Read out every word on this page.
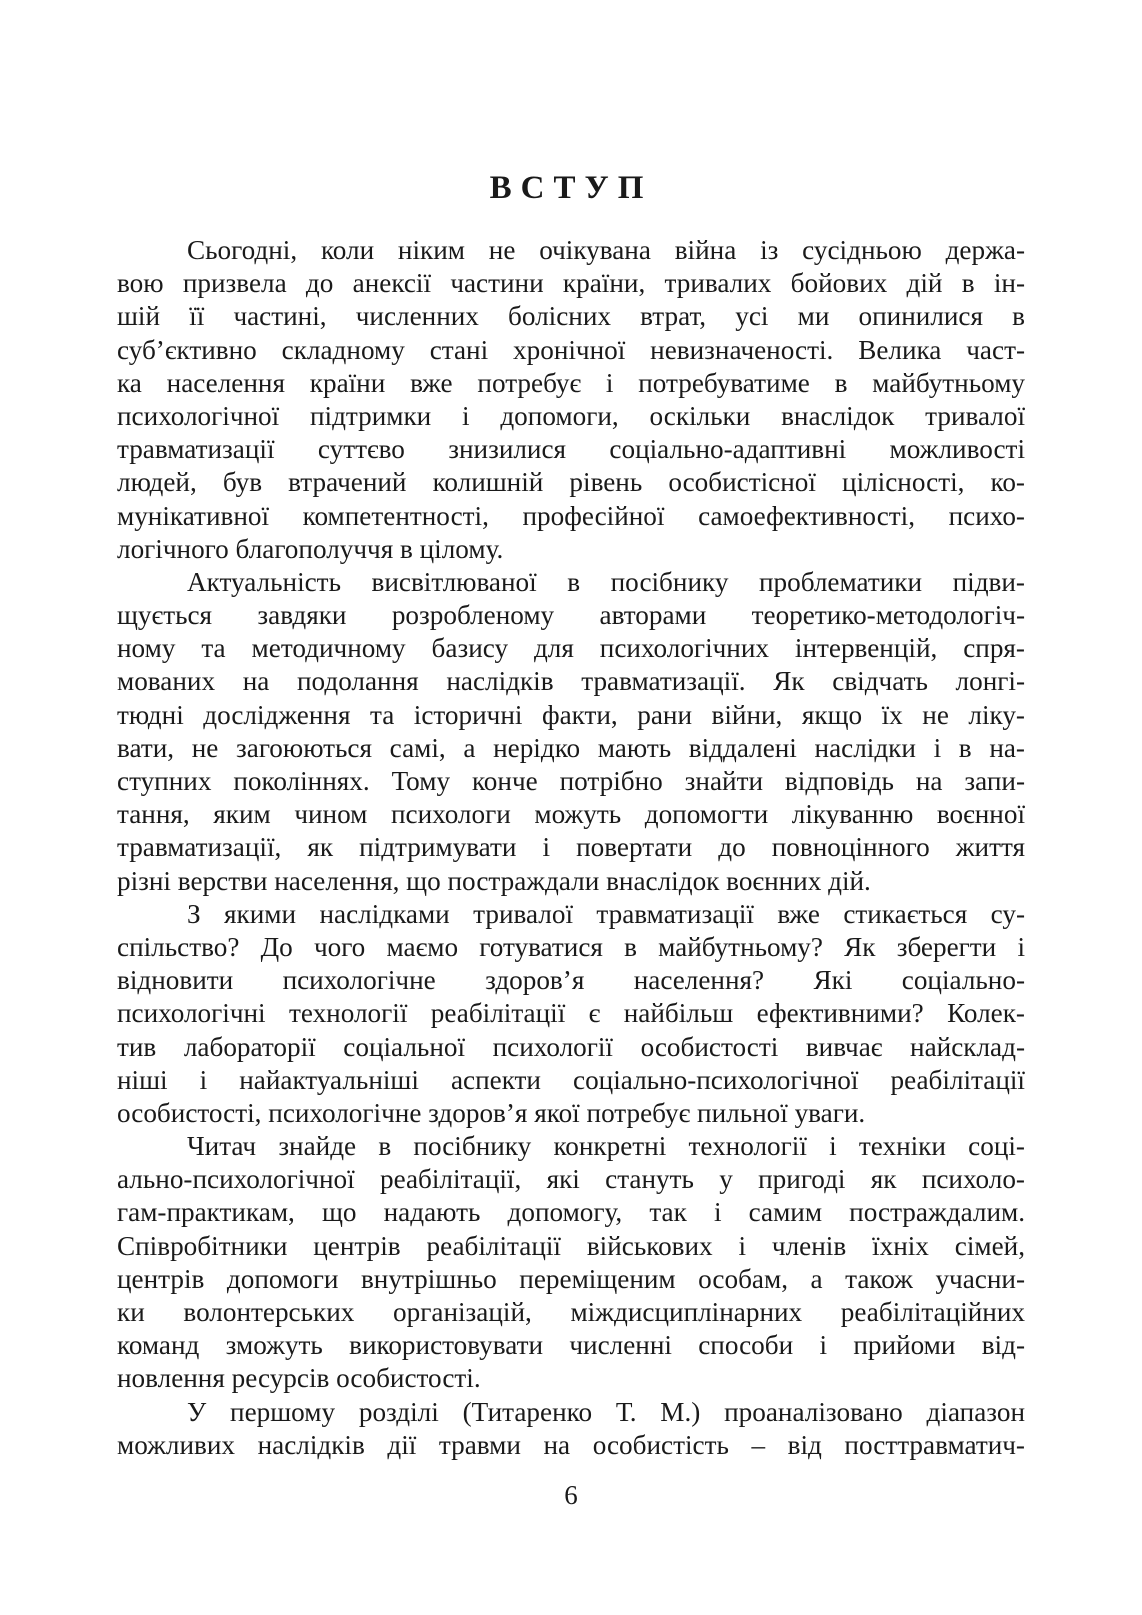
ВСТУП
Сьогодні, коли ніким не очікувана війна із сусідньою держа-
вою призвела до анексії частини країни, тривалих бойових дій в ін-
шій її частині, численних болісних втрат, усі ми опинилися в
суб’єктивно складному стані хронічної невизначеності. Велика част-
ка населення країни вже потребує і потребуватиме в майбутньому
психологічної підтримки і допомоги, оскільки внаслідок тривалої
травматизації суттєво знизилися соціально-адаптивні можливості
людей, був втрачений колишній рівень особистісної цілісності, ко-
мунікативної компетентності, професійної самоефективності, психо-
логічного благополуччя в цілому.
Актуальність висвітлюваної в посібнику проблематики підви-
щується завдяки розробленому авторами теоретико-методологіч-
ному та методичному базису для психологічних інтервенцій, спря-
мованих на подолання наслідків травматизації. Як свідчать лонгі-
тюдні дослідження та історичні факти, рани війни, якщо їх не ліку-
вати, не загоюються самі, а нерідко мають віддалені наслідки і в на-
ступних поколіннях. Тому конче потрібно знайти відповідь на запи-
тання, яким чином психологи можуть допомогти лікуванню воєнної
травматизації, як підтримувати і повертати до повноцінного життя
різні верстви населення, що постраждали внаслідок воєнних дій.
З якими наслідками тривалої травматизації вже стикається су-
спільство? До чого маємо готуватися в майбутньому? Як зберегти і
відновити психологічне здоров’я населення? Які соціально-
психологічні технології реабілітації є найбільш ефективними? Колек-
тив лабораторії соціальної психології особистості вивчає найсклад-
ніші і найактуальніші аспекти соціально-психологічної реабілітації
особистості, психологічне здоров’я якої потребує пильної уваги.
Читач знайде в посібнику конкретні технології і техніки соці-
ально-психологічної реабілітації, які стануть у пригоді як психоло-
гам-практикам, що надають допомогу, так і самим постраждалим.
Співробітники центрів реабілітації військових і членів їхніх сімей,
центрів допомоги внутрішньо переміщеним особам, а також учасни-
ки волонтерських організацій, міждисциплінарних реабілітаційних
команд зможуть використовувати численні способи і прийоми від-
новлення ресурсів особистості.
У першому розділі (Титаренко Т. М.) проаналізовано діапазон
можливих наслідків дії травми на особистість – від посттравматич-
6
